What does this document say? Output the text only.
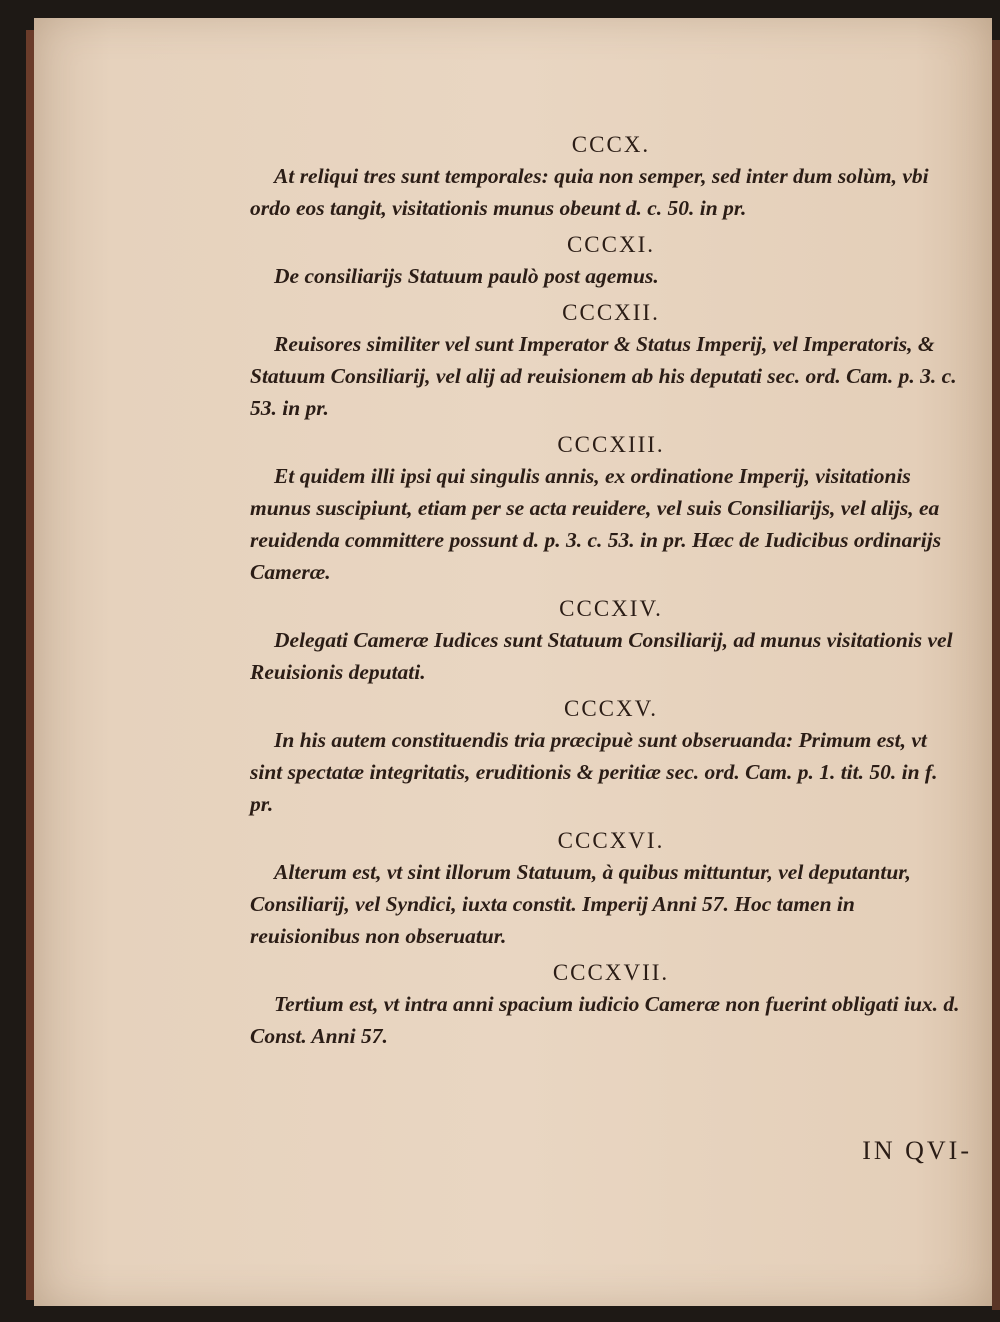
CCCX.

At reliqui tres sunt temporales: quia non semper, sed inter dum solùm, vbi ordo eos tangit, visitationis munus obeunt d. c. 50. in pr.

CCCXI.

De consiliarijs Statuum paulò post agemus.

CCCXII.

Reuisores similiter vel sunt Imperator & Status Imperij, vel Imperatoris, & Statuum Consiliarij, vel alij ad reuisionem ab his deputati sec. ord. Cam. p. 3. c. 53. in pr.

CCCXIII.

Et quidem illi ipsi qui singulis annis, ex ordinatione Imperij, visitationis munus suscipiunt, etiam per se acta reuidere, vel suis Consiliarijs, vel alijs, ea reuidenda committere possunt d. p. 3. c. 53. in pr. Hæc de Iudicibus ordinarijs Cameræ.

CCCXIV.

Delegati Cameræ Iudices sunt Statuum Consiliarij, ad munus visitationis vel Reuisionis deputati.

CCCXV.

In his autem constituendis tria præcipuè sunt obseruanda: Primum est, vt sint spectatæ integritatis, eruditionis & peritiæ sec. ord. Cam. p. 1. tit. 50. in f. pr.

CCCXVI.

Alterum est, vt sint illorum Statuum, à quibus mittuntur, vel deputantur, Consiliarij, vel Syndici, iuxta constit. Imperij Anni 57. Hoc tamen in reuisionibus non obseruatur.

CCCXVII.

Tertium est, vt intra anni spacium iudicio Cameræ non fuerint obligati iux. d. Const. Anni 57.

IN QVI-
